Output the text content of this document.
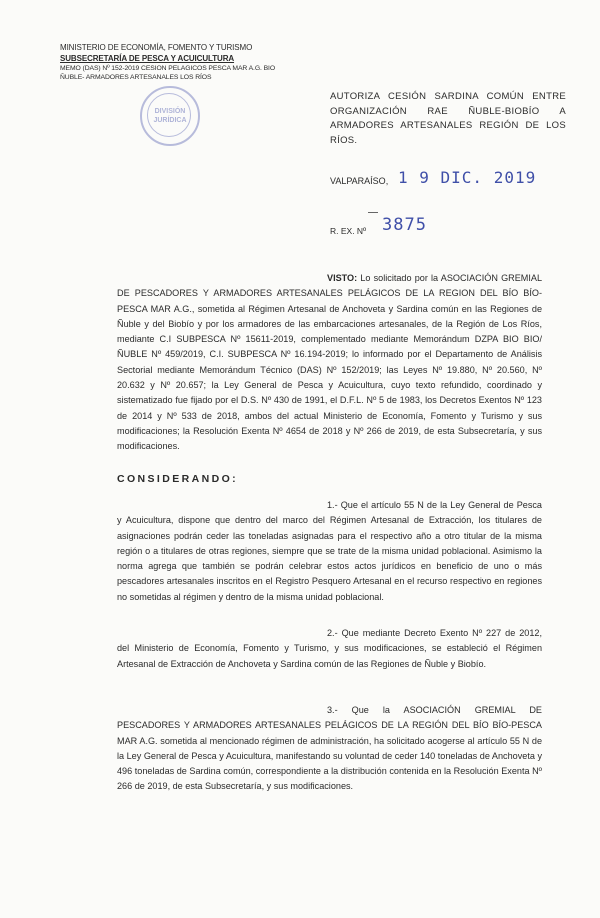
MINISTERIO DE ECONOMÍA, FOMENTO Y TURISMO
SUBSECRETARÍA DE PESCA Y ACUICULTURA
MEMO (DAS) Nº 152-2019 CESION PELAGICOS PESCA MAR A.G. BIO
ÑUBLE- ARMADORES ARTESANALES LOS RÍOS
DIVISIÓN
JURÍDICA
AUTORIZA CESIÓN SARDINA COMÚN ENTRE ORGANIZACIÓN RAE ÑUBLE-BIOBÍO A ARMADORES ARTESANALES REGIÓN DE LOS RÍOS.
VALPARAÍSO, 1 9 DIC. 2019
R. EX. Nº 3875
VISTO: Lo solicitado por la ASOCIACIÓN GREMIAL DE PESCADORES Y ARMADORES ARTESANALES PELÁGICOS DE LA REGION DEL BÍO BÍO-PESCA MAR A.G., sometida al Régimen Artesanal de Anchoveta y Sardina común en las Regiones de Ñuble y del Biobío y por los armadores de las embarcaciones artesanales, de la Región de Los Ríos, mediante C.I SUBPESCA Nº 15611-2019, complementado mediante Memorándum DZPA BIO BIO/ÑUBLE Nº 459/2019, C.I. SUBPESCA Nº 16.194-2019; lo informado por el Departamento de Análisis Sectorial mediante Memorándum Técnico (DAS) Nº 152/2019; las Leyes Nº 19.880, Nº 20.560, Nº 20.632 y Nº 20.657; la Ley General de Pesca y Acuicultura, cuyo texto refundido, coordinado y sistematizado fue fijado por el D.S. Nº 430 de 1991, el D.F.L. Nº 5 de 1983, los Decretos Exentos Nº 123 de 2014 y Nº 533 de 2018, ambos del actual Ministerio de Economía, Fomento y Turismo y sus modificaciones; la Resolución Exenta Nº 4654 de 2018 y Nº 266 de 2019, de esta Subsecretaría, y sus modificaciones.
CONSIDERANDO:
1.- Que el artículo 55 N de la Ley General de Pesca y Acuicultura, dispone que dentro del marco del Régimen Artesanal de Extracción, los titulares de asignaciones podrán ceder las toneladas asignadas para el respectivo año a otro titular de la misma región o a titulares de otras regiones, siempre que se trate de la misma unidad poblacional. Asimismo la norma agrega que también se podrán celebrar estos actos jurídicos en beneficio de uno o más pescadores artesanales inscritos en el Registro Pesquero Artesanal en el recurso respectivo en regiones no sometidas al régimen y dentro de la misma unidad poblacional.
2.- Que mediante Decreto Exento Nº 227 de 2012, del Ministerio de Economía, Fomento y Turismo, y sus modificaciones, se estableció el Régimen Artesanal de Extracción de Anchoveta y Sardina común de las Regiones de Ñuble y Biobío.
3.- Que la ASOCIACIÓN GREMIAL DE PESCADORES Y ARMADORES ARTESANALES PELÁGICOS DE LA REGIÓN DEL BÍO BÍO-PESCA MAR A.G. sometida al mencionado régimen de administración, ha solicitado acogerse al artículo 55 N de la Ley General de Pesca y Acuicultura, manifestando su voluntad de ceder 140 toneladas de Anchoveta y 496 toneladas de Sardina común, correspondiente a la distribución contenida en la Resolución Exenta Nº 266 de 2019, de esta Subsecretaría, y sus modificaciones.
